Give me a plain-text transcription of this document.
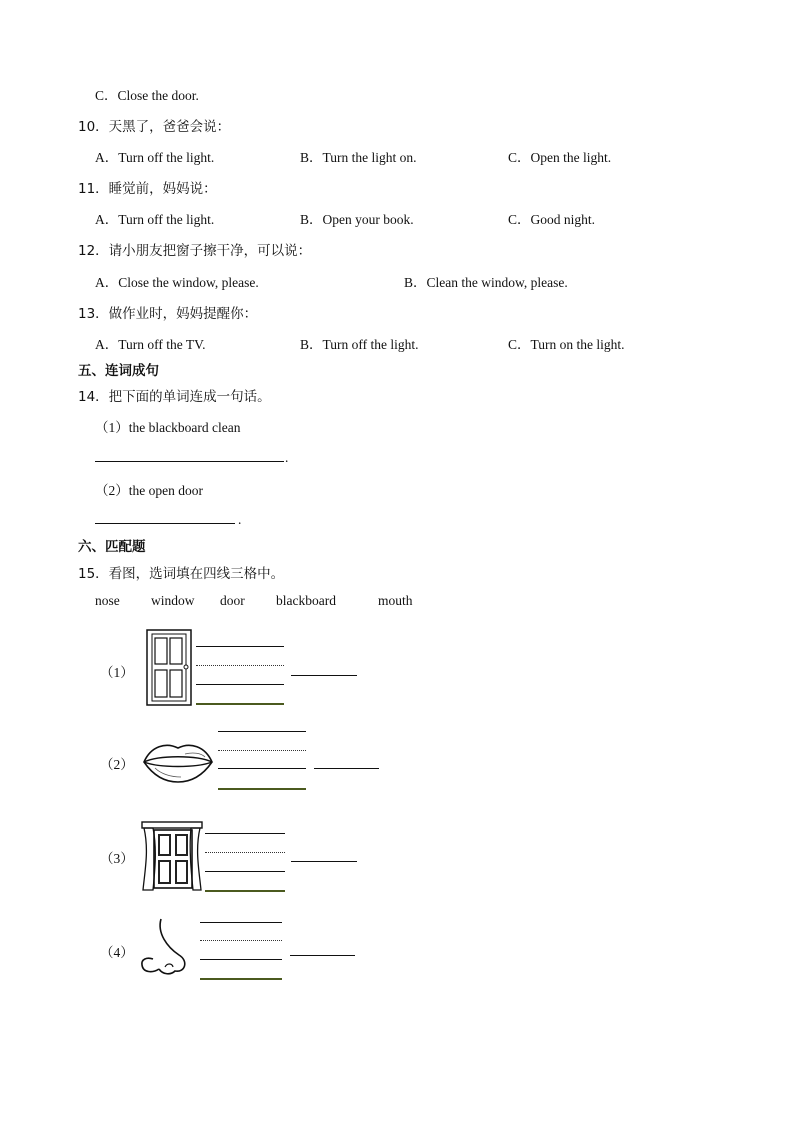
C．Close the door.
10．天黑了，爸爸会说：
A．Turn off the light.	B．Turn the light on.	C．Open the light.
11．睡觉前，妈妈说：
A．Turn off the light.	B．Open your book.	C．Good night.
12．请小朋友把窗子擦干净，可以说：
A．Close the window, please.	B．Clean the window, please.
13．做作业时，妈妈提醒你：
A．Turn off the TV.	B．Turn off the light.	C．Turn on the light.
五、连词成句
14．把下面的单词连成一句话。
（1）the blackboard clean
.
（2）the open door
.
六、匹配题
15．看图，选词填在四线三格中。
nose window door blackboard	mouth
（1）
（2）
（3）
（4）
